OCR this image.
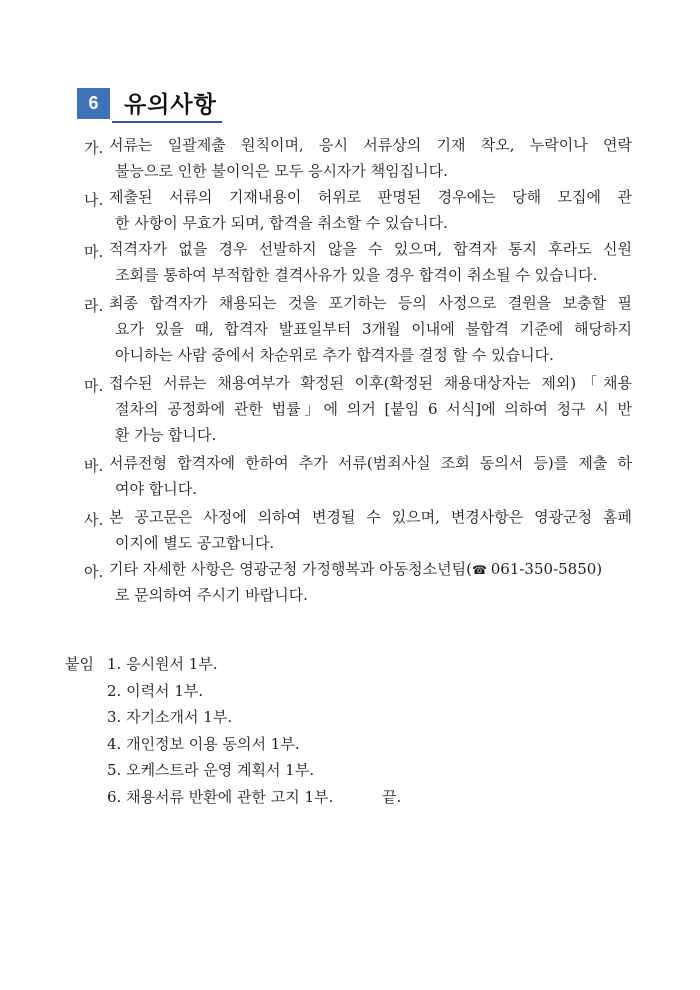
6	유의사항
가. 서류는 일괄제출 원칙이며, 응시 서류상의 기재 착오, 누락이나 연락
불능으로 인한 불이익은 모두 응시자가 책임집니다.
나. 제출된 서류의 기재내용이 허위로 판명된 경우에는 당해 모집에 관
한 사항이 무효가 되며, 합격을 취소할 수 있습니다.
마. 적격자가 없을 경우 선발하지 않을 수 있으며, 합격자 통지 후라도 신원
조회를 통하여 부적합한 결격사유가 있을 경우 합격이 취소될 수 있습니다.
라. 최종 합격자가 채용되는 것을 포기하는 등의 사정으로 결원을 보충할 필
요가 있을 때, 합격자 발표일부터 3개월 이내에 불합격 기준에 해당하지
아니하는 사람 중에서 차순위로 추가 합격자를 결정 할 수 있습니다.
마. 접수된 서류는 채용여부가 확정된 이후(확정된 채용대상자는 제외)「채용
절차의 공정화에 관한 법률」에 의거 [붙임 6 서식]에 의하여 청구 시 반
환 가능 합니다.
바. 서류전형 합격자에 한하여 추가 서류(범죄사실 조회 동의서 등)를 제출 하
여야 합니다.
사. 본 공고문은 사정에 의하여 변경될 수 있으며, 변경사항은 영광군청 홈페
이지에 별도 공고합니다.
아. 기타 자세한 사항은 영광군청 가정행복과 아동청소년팀(☎ 061-350-5850)
로 문의하여 주시기 바랍니다.
붙임 1. 응시원서 1부.
2. 이력서 1부.
3. 자기소개서 1부.
4. 개인정보 이용 동의서 1부.
5. 오케스트라 운영 계획서 1부.
6. 채용서류 반환에 관한 고지 1부.	끝.
